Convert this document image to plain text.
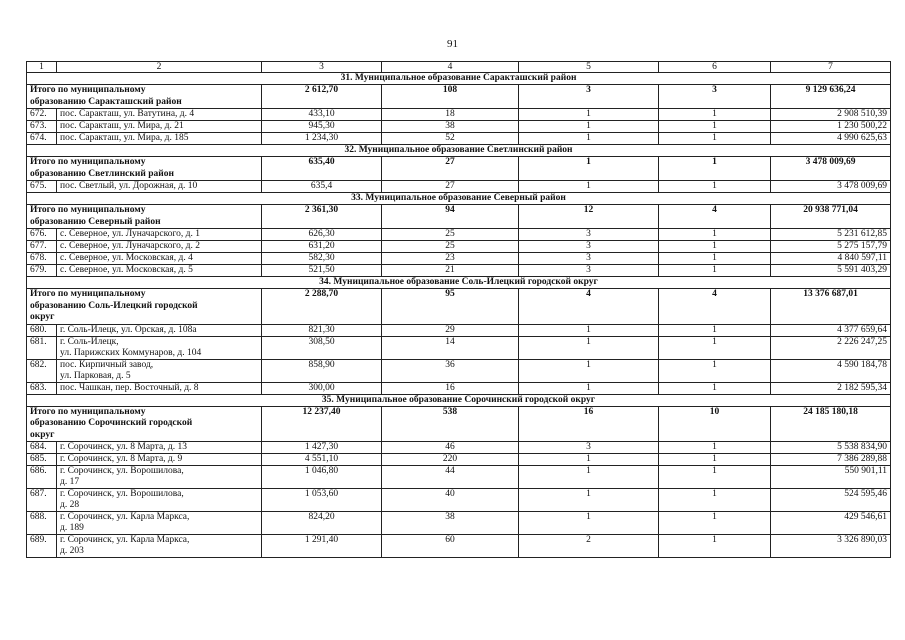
91
1	2	3	4	5	6	7
31. Муниципальное образование Саракташский район						
Итого по муниципальному
образованию Саракташский район		2 612,70	108	3	3	9 129 636,24
672.	пос. Саракташ, ул. Ватутина, д. 4	433,10	18	1	1	2 908 510,39
673.	пос. Саракташ, ул. Мира, д. 21	945,30	38	1	1	1 230 500,22
674.	пос. Саракташ, ул. Мира, д. 185	1 234,30	52	1	1	4 990 625,63
32. Муниципальное образование Светлинский район						
Итого по муниципальному
образованию Светлинский район		635,40	27	1	1	3 478 009,69
675.	пос. Светлый, ул. Дорожная, д. 10	635,4	27	1	1	3 478 009,69
33. Муниципальное образование Северный район						
Итого по муниципальному
образованию Северный район		2 361,30	94	12	4	20 938 771,04
676.	с. Северное, ул. Луначарского, д. 1	626,30	25	3	1	5 231 612,85
677.	с. Северное, ул. Луначарского, д. 2	631,20	25	3	1	5 275 157,79
678.	с. Северное, ул. Московская, д. 4	582,30	23	3	1	4 840 597,11
679.	с. Северное, ул. Московская, д. 5	521,50	21	3	1	5 591 403,29
34. Муниципальное образование Соль-Илецкий городской округ						
Итого по муниципальному
образованию Соль-Илецкий городской
округ		2 288,70	95	4	4	13 376 687,01
680.	г. Соль-Илецк, ул. Орская, д. 108а	821,30	29	1	1	4 377 659,64
681.	г. Соль-Илецк,
ул. Парижских Коммунаров, д. 104	308,50	14	1	1	2 226 247,25
682.	пос. Кирпичный завод,
ул. Парковая, д. 5	858,90	36	1	1	4 590 184,78
683.	пос. Чашкан, пер. Восточный, д. 8	300,00	16	1	1	2 182 595,34
35. Муниципальное образование Сорочинский городской округ						
Итого по муниципальному
образованию Сорочинский городской
округ		12 237,40	538	16	10	24 185 180,18
684.	г. Сорочинск, ул. 8 Марта, д. 13	1 427,30	46	3	1	5 538 834,90
685.	г. Сорочинск, ул. 8 Марта, д. 9	4 551,10	220	1	1	7 386 289,88
686.	г. Сорочинск, ул. Ворошилова,
д. 17	1 046,80	44	1	1	550 901,11
687.	г. Сорочинск, ул. Ворошилова,
д. 28	1 053,60	40	1	1	524 595,46
688.	г. Сорочинск, ул. Карла Маркса,
д. 189	824,20	38	1	1	429 546,61
689.	г. Сорочинск, ул. Карла Маркса,
д. 203	1 291,40	60	2	1	3 326 890,03
